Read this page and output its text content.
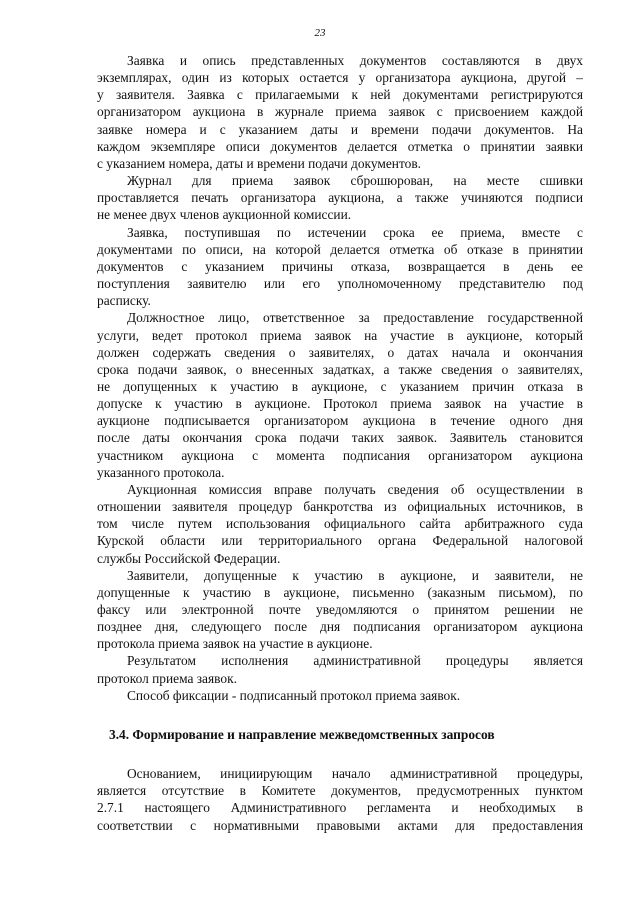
23

Заявка и опись представленных документов составляются в двух
экземплярах, один из которых остается у организатора аукциона, другой –
у заявителя. Заявка с прилагаемыми к ней документами регистрируются
организатором аукциона в журнале приема заявок с присвоением каждой
заявке номера и с указанием даты и времени подачи документов. На
каждом экземпляре описи документов делается отметка о принятии заявки
с указанием номера, даты и времени подачи документов.

Журнал для приема заявок сброшюрован, на месте сшивки
проставляется печать организатора аукциона, а также учиняются подписи
не менее двух членов аукционной комиссии.

Заявка, поступившая по истечении срока ее приема, вместе с
документами по описи, на которой делается отметка об отказе в принятии
документов с указанием причины отказа, возвращается в день ее
поступления заявителю или его уполномоченному представителю под
расписку.

Должностное лицо, ответственное за предоставление государственной
услуги, ведет протокол приема заявок на участие в аукционе, который
должен содержать сведения о заявителях, о датах начала и окончания
срока подачи заявок, о внесенных задатках, а также сведения о заявителях,
не допущенных к участию в аукционе, с указанием причин отказа в
допуске к участию в аукционе. Протокол приема заявок на участие в
аукционе подписывается организатором аукциона в течение одного дня
после даты окончания срока подачи таких заявок. Заявитель становится
участником аукциона с момента подписания организатором аукциона
указанного протокола.

Аукционная комиссия вправе получать сведения об осуществлении в
отношении заявителя процедур банкротства из официальных источников, в
том числе путем использования официального сайта арбитражного суда
Курской области или территориального органа Федеральной налоговой
службы Российской Федерации.

Заявители, допущенные к участию в аукционе, и заявители, не
допущенные к участию в аукционе, письменно (заказным письмом), по
факсу или электронной почте уведомляются о принятом решении не
позднее дня, следующего после дня подписания организатором аукциона
протокола приема заявок на участие в аукционе.

Результатом исполнения административной процедуры является
протокол приема заявок.

Способ фиксации - подписанный протокол приема заявок.

3.4. Формирование и направление межведомственных запросов

Основанием, инициирующим начало административной процедуры,
является отсутствие в Комитете документов, предусмотренных пунктом
2.7.1 настоящего Административного регламента и необходимых в
соответствии с нормативными правовыми актами для предоставления
